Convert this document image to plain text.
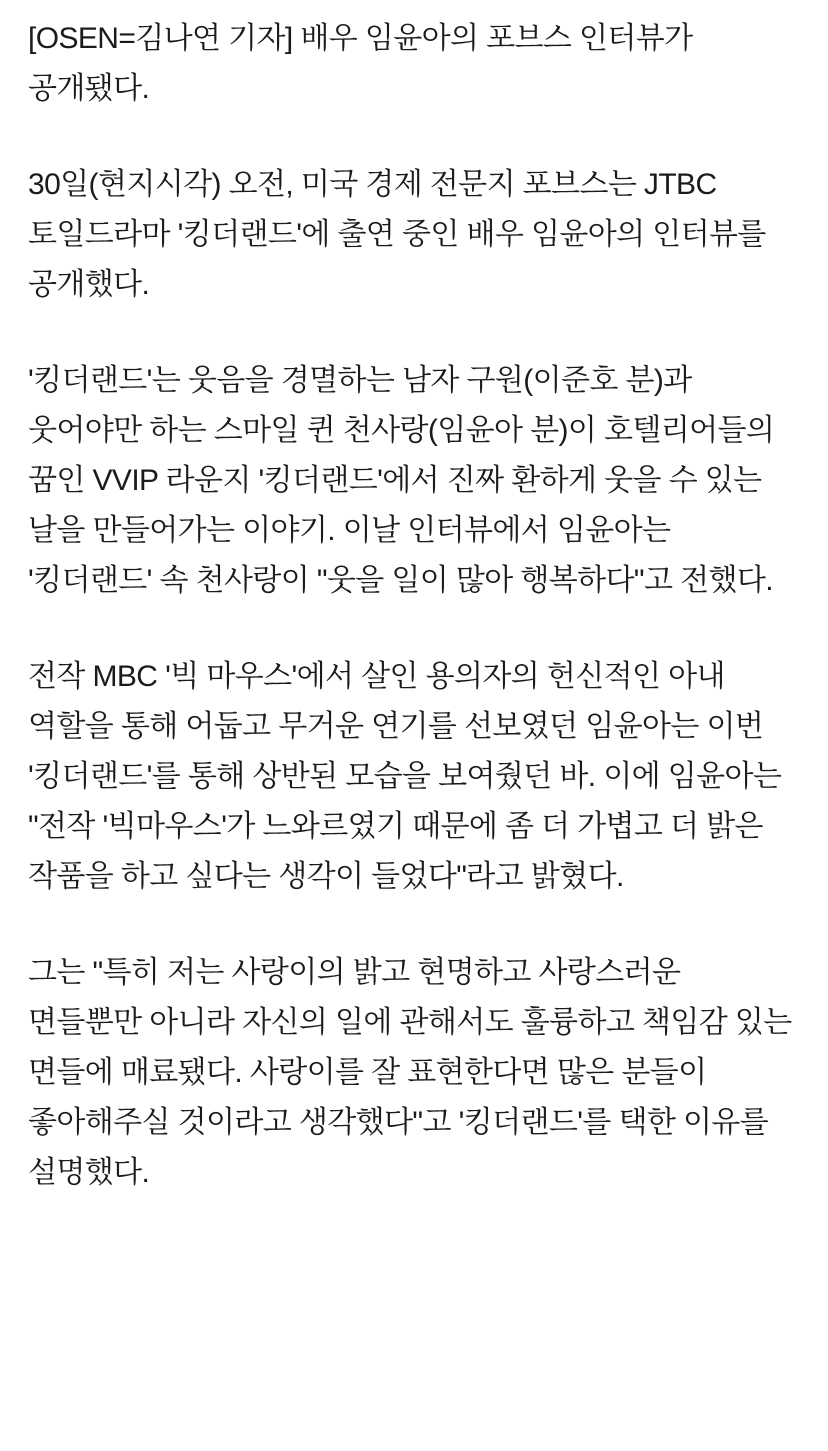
[OSEN=김나연 기자] 배우 임윤아의 포브스 인터뷰가 공개됐다.

30일(현지시각) 오전, 미국 경제 전문지 포브스는 JTBC 토일드라마 '킹더랜드'에 출연 중인 배우 임윤아의 인터뷰를 공개했다.

'킹더랜드'는 웃음을 경멸하는 남자 구원(이준호 분)과 웃어야만 하는 스마일 퀸 천사랑(임윤아 분)이 호텔리어들의 꿈인 VVIP 라운지 '킹더랜드'에서 진짜 환하게 웃을 수 있는 날을 만들어가는 이야기. 이날 인터뷰에서 임윤아는 '킹더랜드' 속 천사랑이 "웃을 일이 많아 행복하다"고 전했다.

전작 MBC '빅 마우스'에서 살인 용의자의 헌신적인 아내 역할을 통해 어둡고 무거운 연기를 선보였던 임윤아는 이번 '킹더랜드'를 통해 상반된 모습을 보여줬던 바. 이에 임윤아는 "전작 '빅마우스'가 느와르였기 때문에 좀 더 가볍고 더 밝은 작품을 하고 싶다는 생각이 들었다"라고 밝혔다.

그는 "특히 저는 사랑이의 밝고 현명하고 사랑스러운 면들뿐만 아니라 자신의 일에 관해서도 훌륭하고 책임감 있는 면들에 매료됐다. 사랑이를 잘 표현한다면 많은 분들이 좋아해주실 것이라고 생각했다"고 '킹더랜드'를 택한 이유를 설명했다.
